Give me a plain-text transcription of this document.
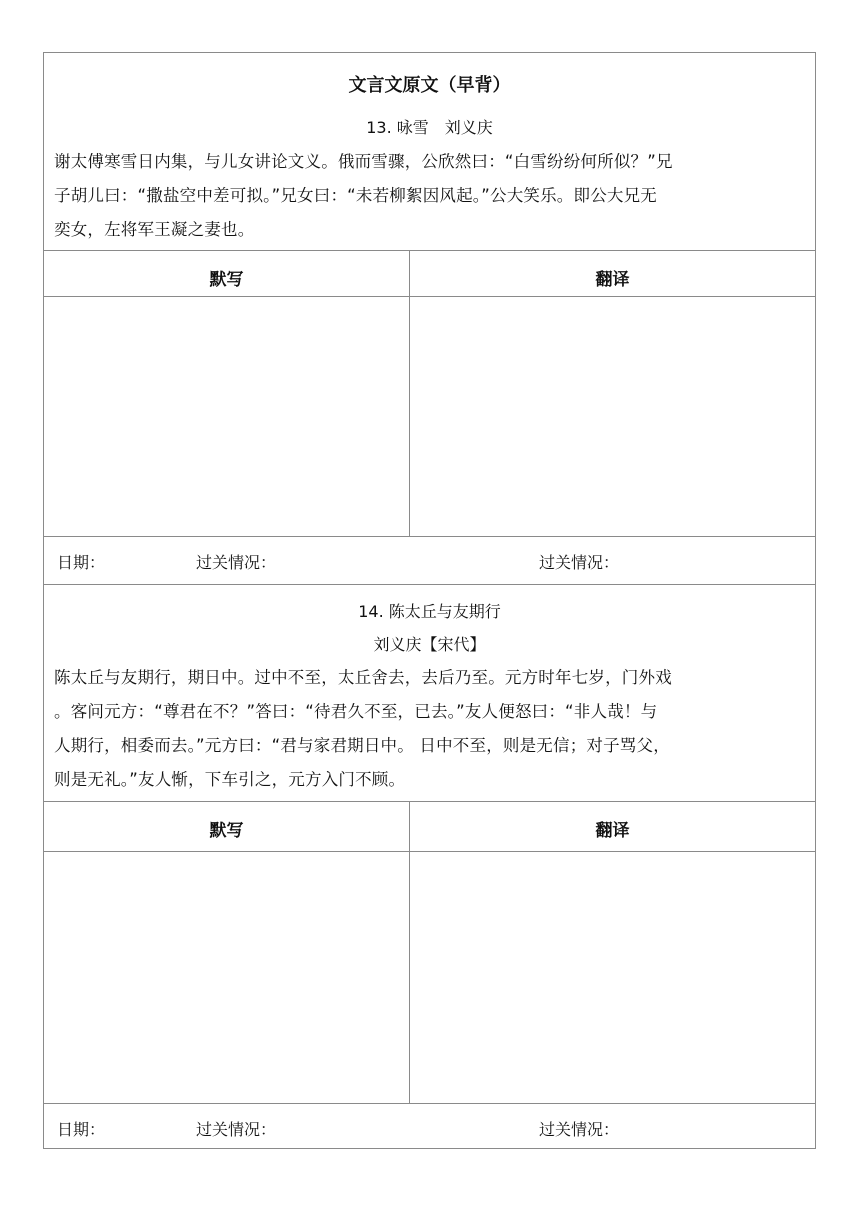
文言文原文（早背）
13. 咏雪　刘义庆
谢太傅寒雪日内集，与儿女讲论文义。俄而雪骤，公欣然曰：“白雪纷纷何所似？”兄
子胡儿曰：“撒盐空中差可拟。”兄女曰：“未若柳絮因风起。”公大笑乐。即公大兄无
奕女，左将军王凝之妻也。
默写	翻译
日期：	过关情况：	过关情况：
14. 陈太丘与友期行
刘义庆【宋代】
陈太丘与友期行，期日中。过中不至，太丘舍去，去后乃至。元方时年七岁，门外戏
。客问元方：“尊君在不？”答曰：“待君久不至，已去。”友人便怒曰：“非人哉！与
人期行，相委而去。”元方曰：“君与家君期日中。 日中不至，则是无信；对子骂父，
则是无礼。”友人惭，下车引之，元方入门不顾。
默写	翻译
日期：	过关情况：	过关情况：
